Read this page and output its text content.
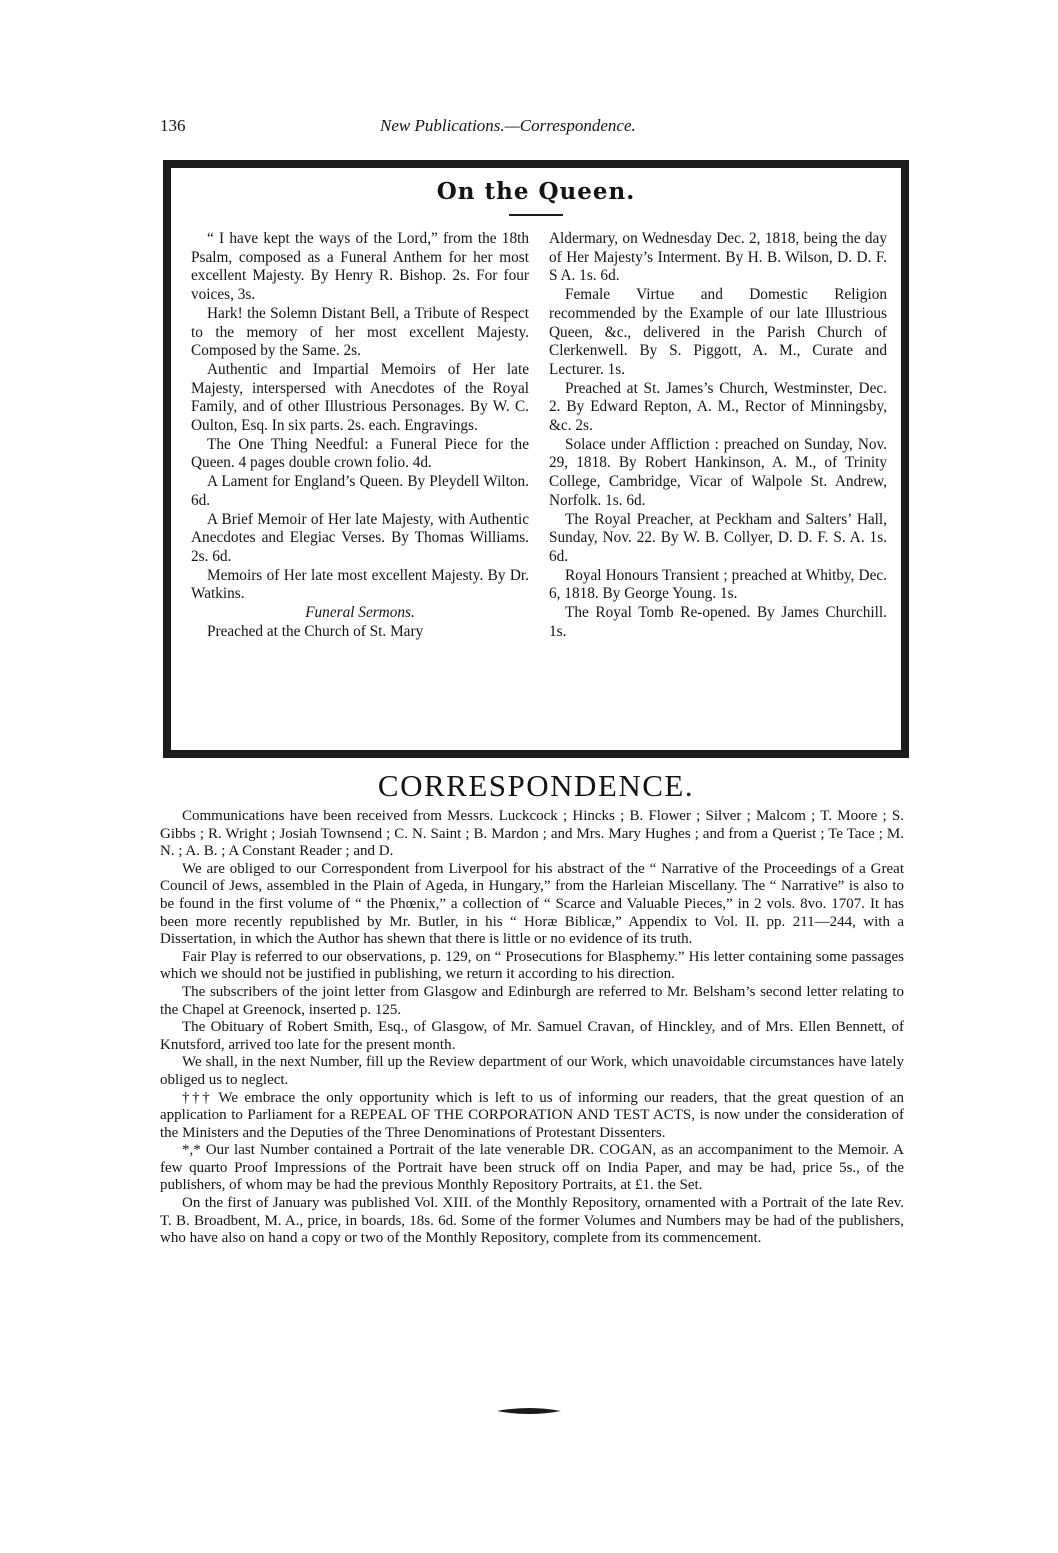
136	New Publications.—Correspondence.
On the Queen.

“ I have kept the ways of the Lord,” from the 18th Psalm, composed as a Funeral Anthem for her most excellent Majesty. By Henry R. Bishop. 2s. For four voices, 3s.

Hark! the Solemn Distant Bell, a Tribute of Respect to the memory of her most excellent Majesty. Composed by the Same. 2s.

Authentic and Impartial Memoirs of Her late Majesty, interspersed with Anecdotes of the Royal Family, and of other Illustrious Personages. By W. C. Oulton, Esq. In six parts. 2s. each. Engravings.

The One Thing Needful: a Funeral Piece for the Queen. 4 pages double crown folio. 4d.

A Lament for England’s Queen. By Pleydell Wilton. 6d.

A Brief Memoir of Her late Majesty, with Authentic Anecdotes and Elegiac Verses. By Thomas Williams. 2s. 6d.

Memoirs of Her late most excellent Majesty. By Dr. Watkins.

Funeral Sermons.

Preached at the Church of St. Mary

Aldermary, on Wednesday Dec. 2, 1818, being the day of Her Majesty’s Interment. By H. B. Wilson, D. D. F. S A. 1s. 6d.

Female Virtue and Domestic Religion recommended by the Example of our late Illustrious Queen, &c., delivered in the Parish Church of Clerkenwell. By S. Piggott, A. M., Curate and Lecturer. 1s.

Preached at St. James’s Church, Westminster, Dec. 2. By Edward Repton, A. M., Rector of Minningsby, &c. 2s.

Solace under Affliction : preached on Sunday, Nov. 29, 1818. By Robert Hankinson, A. M., of Trinity College, Cambridge, Vicar of Walpole St. Andrew, Norfolk. 1s. 6d.

The Royal Preacher, at Peckham and Salters’ Hall, Sunday, Nov. 22. By W. B. Collyer, D. D. F. S. A. 1s. 6d.

Royal Honours Transient ; preached at Whitby, Dec. 6, 1818. By George Young. 1s.

The Royal Tomb Re-opened. By James Churchill. 1s.

CORRESPONDENCE.

Communications have been received from Messrs. Luckcock ; Hincks ; B. Flower ; Silver ; Malcom ; T. Moore ; S. Gibbs ; R. Wright ; Josiah Townsend ; C. N. Saint ; B. Mardon ; and Mrs. Mary Hughes ; and from a Querist ; Te Tace ; M. N. ; A. B. ; A Constant Reader ; and D.

We are obliged to our Correspondent from Liverpool for his abstract of the “ Narrative of the Proceedings of a Great Council of Jews, assembled in the Plain of Ageda, in Hungary,” from the Harleian Miscellany. The “ Narrative” is also to be found in the first volume of “ the Phœnix,” a collection of “ Scarce and Valuable Pieces,” in 2 vols. 8vo. 1707. It has been more recently republished by Mr. Butler, in his “ Horæ Biblicæ,” Appendix to Vol. II. pp. 211—244, with a Dissertation, in which the Author has shewn that there is little or no evidence of its truth.

Fair Play is referred to our observations, p. 129, on “ Prosecutions for Blasphemy.” His letter containing some passages which we should not be justified in publishing, we return it according to his direction.

The subscribers of the joint letter from Glasgow and Edinburgh are referred to Mr. Belsham’s second letter relating to the Chapel at Greenock, inserted p. 125.

The Obituary of Robert Smith, Esq., of Glasgow, of Mr. Samuel Cravan, of Hinckley, and of Mrs. Ellen Bennett, of Knutsford, arrived too late for the present month.

We shall, in the next Number, fill up the Review department of our Work, which unavoidable circumstances have lately obliged us to neglect.

††† We embrace the only opportunity which is left to us of informing our readers, that the great question of an application to Parliament for a REPEAL OF THE CORPORATION AND TEST ACTS, is now under the consideration of the Ministers and the Deputies of the Three Denominations of Protestant Dissenters.

*,* Our last Number contained a Portrait of the late venerable DR. COGAN, as an accompaniment to the Memoir. A few quarto Proof Impressions of the Portrait have been struck off on India Paper, and may be had, price 5s., of the publishers, of whom may be had the previous Monthly Repository Portraits, at £1. the Set.

On the first of January was published Vol. XIII. of the Monthly Repository, ornamented with a Portrait of the late Rev. T. B. Broadbent, M. A., price, in boards, 18s. 6d. Some of the former Volumes and Numbers may be had of the publishers, who have also on hand a copy or two of the Monthly Repository, complete from its commencement.
